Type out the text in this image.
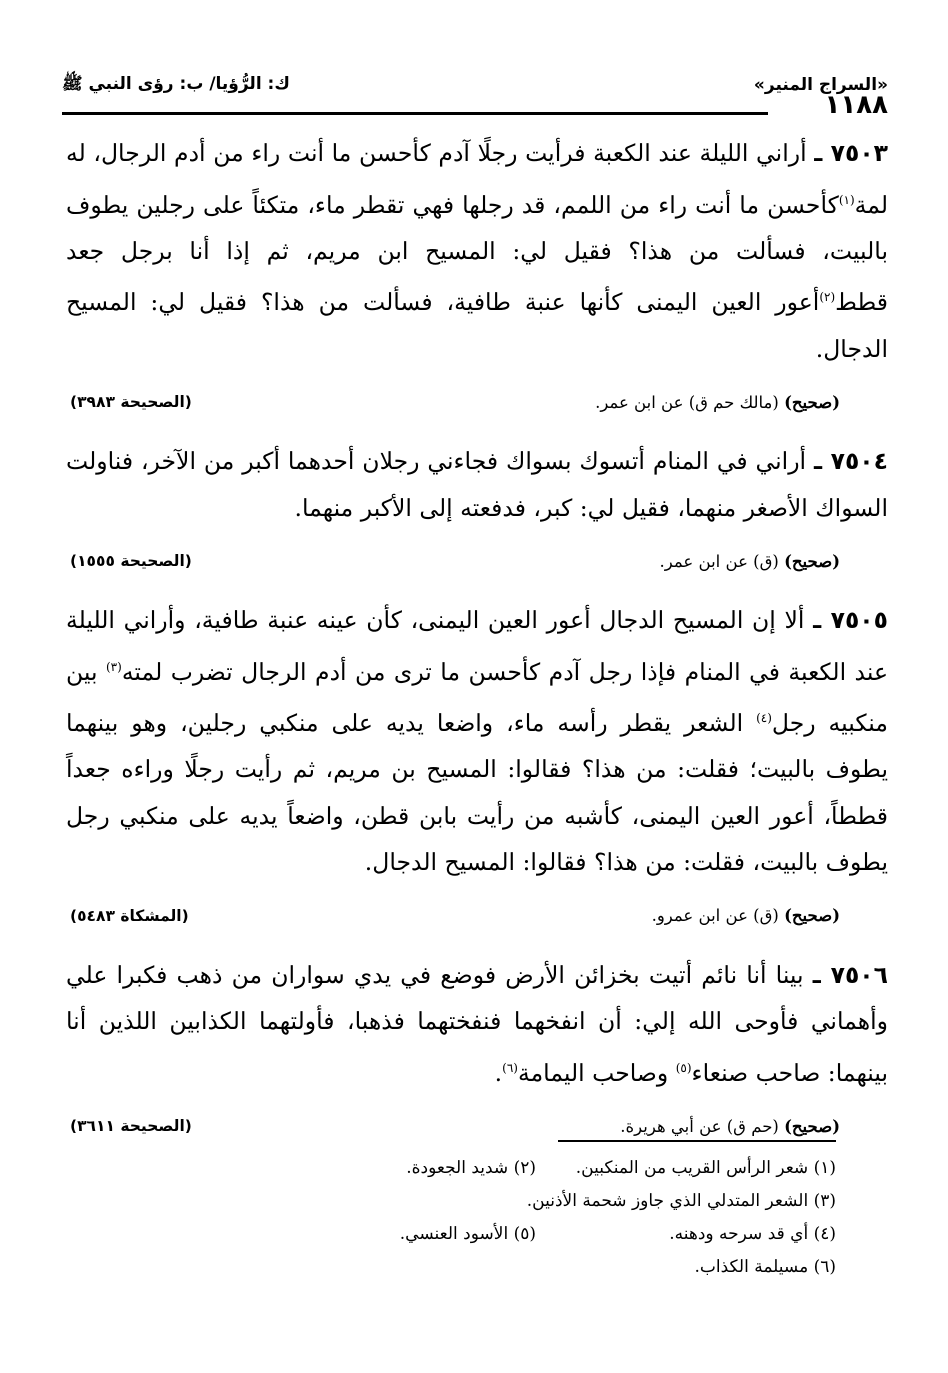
«السراج المنير»
ك: الرُّؤيا/ ب: رؤى النبي ﷺ
١١٨٨

٧٥٠٣ ـ أراني الليلة عند الكعبة فرأيت رجلًا آدم كأحسن ما أنت راء من أدم الرجال، له لمة$^{(١)}$كأحسن ما أنت راء من اللمم، قد رجلها فهي تقطر ماء، متكئاً على رجلين يطوف بالبيت، فسألت من هذا؟ فقيل لي: المسيح ابن مريم، ثم إذا أنا برجل جعد قطط$^{(٢)}$أعور العين اليمنى كأنها عنبة طافية، فسألت من هذا؟ فقيل لي: المسيح الدجال.

(صحيح) (مالك حم ق) عن ابن عمر.
(الصحيحة ٣٩٨٣)

٧٥٠٤ ـ أراني في المنام أتسوك بسواك فجاءني رجلان أحدهما أكبر من الآخر، فناولت السواك الأصغر منهما، فقيل لي: كبر، فدفعته إلى الأكبر منهما.

(صحيح) (ق) عن ابن عمر.
(الصحيحة ١٥٥٥)

٧٥٠٥ ـ ألا إن المسيح الدجال أعور العين اليمنى، كأن عينه عنبة طافية، وأراني الليلة عند الكعبة في المنام فإذا رجل آدم كأحسن ما ترى من أدم الرجال تضرب لمته$^{(٣)}$ بين منكبيه رجل$^{(٤)}$ الشعر يقطر رأسه ماء، واضعا يديه على منكبي رجلين، وهو بينهما يطوف بالبيت؛ فقلت: من هذا؟ فقالوا: المسيح بن مريم، ثم رأيت رجلًا وراءه جعداً قططاً، أعور العين اليمنى، كأشبه من رأيت بابن قطن، واضعاً يديه على منكبي رجل يطوف بالبيت، فقلت: من هذا؟ فقالوا: المسيح الدجال.

(صحيح) (ق) عن ابن عمرو.
(المشكاة ٥٤٨٣)

٧٥٠٦ ـ بينا أنا نائم أتيت بخزائن الأرض فوضع في يدي سواران من ذهب فكبرا علي وأهماني فأوحى الله إلي: أن انفخهما فنفختهما فذهبا، فأولتهما الكذابين اللذين أنا بينهما: صاحب صنعاء$^{(٥)}$ وصاحب اليمامة$^{(٦)}$.

(صحيح) (حم ق) عن أبي هريرة.
(الصحيحة ٣٦١١)
(١) شعر الرأس القريب من المنكبين.
(٢) شديد الجعودة.
(٣) الشعر المتدلي الذي جاوز شحمة الأذنين.
(٤) أي قد سرحه ودهنه.
(٥) الأسود العنسي.
(٦) مسيلمة الكذاب.
